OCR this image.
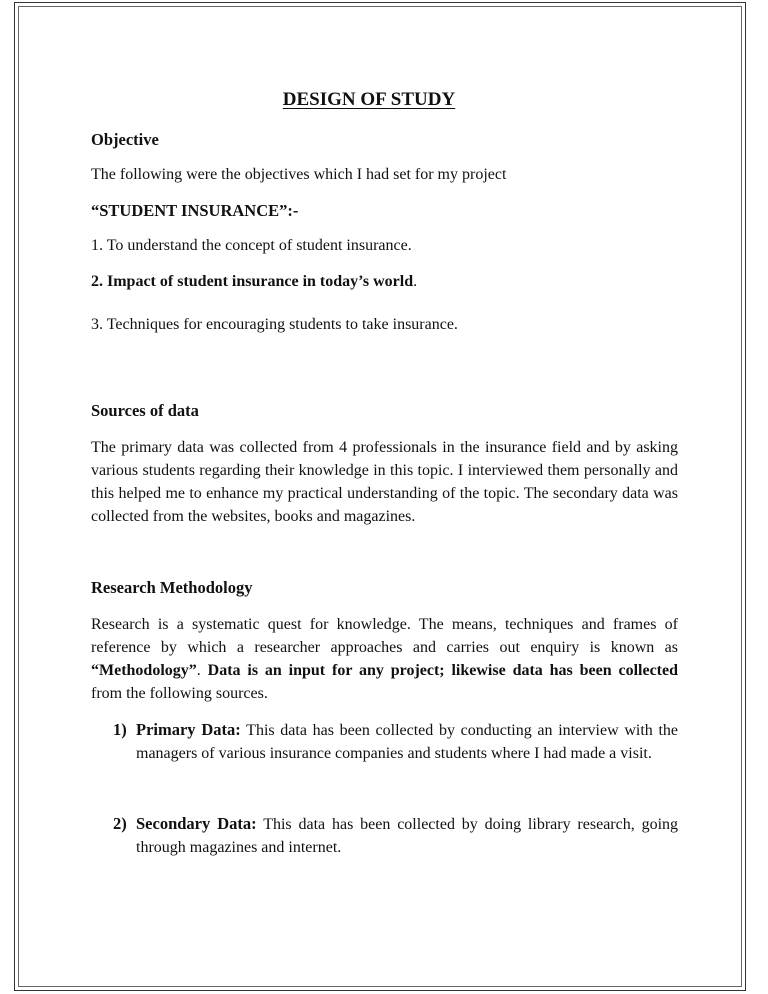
DESIGN OF STUDY
Objective
The following were the objectives which I had set for my project
“STUDENT INSURANCE”:-
1. To understand the concept of student insurance.
2. Impact of student insurance in today’s world.
3. Techniques for encouraging students to take insurance.
Sources of data

The primary data was collected from 4 professionals in the insurance field and by asking various students regarding their knowledge in this topic. I interviewed them personally and this helped me to enhance my practical understanding of the topic. The secondary data was collected from the websites, books and magazines.

Research Methodology

Research is a systematic quest for knowledge. The means, techniques and frames of reference by which a researcher approaches and carries out enquiry is known as “Methodology”. Data is an input for any project; likewise data has been collected from the following sources.

1) Primary Data: This data has been collected by conducting an interview with the managers of various insurance companies and students where I had made a visit.

2) Secondary Data: This data has been collected by doing library research, going through magazines and internet.
